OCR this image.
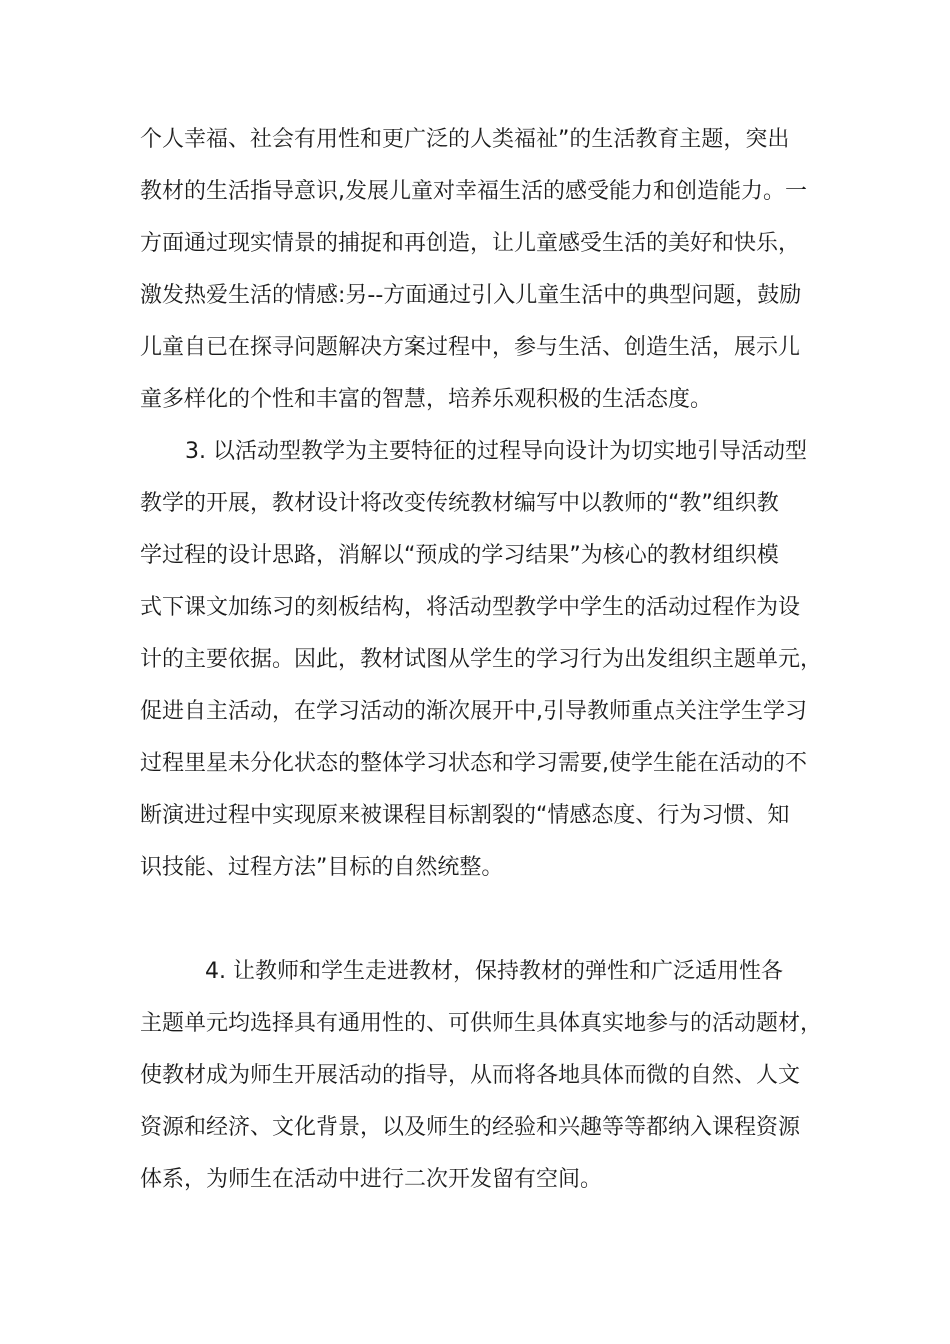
个人幸福、社会有用性和更广泛的人类福祉”的生活教育主题，突出

教材的生活指导意识,发展儿童对幸福生活的感受能力和创造能力。一

方面通过现实情景的捕捉和再创造，让儿童感受生活的美好和快乐，

激发热爱生活的情感:另--方面通过引入儿童生活中的典型问题，鼓励

儿童自已在探寻问题解决方案过程中，参与生活、创造生活，展示儿

童多样化的个性和丰富的智慧，培养乐观积极的生活态度。

3. 以活动型教学为主要特征的过程导向设计为切实地引导活动型

教学的开展，教材设计将改变传统教材编写中以教师的“教”组织教

学过程的设计思路，消解以“预成的学习结果”为核心的教材组织模

式下课文加练习的刻板结构，将活动型教学中学生的活动过程作为设

计的主要依据。因此，教材试图从学生的学习行为出发组织主题单元，

促进自主活动，在学习活动的渐次展开中,引导教师重点关注学生学习

过程里星未分化状态的整体学习状态和学习需要,使学生能在活动的不

断演进过程中实现原来被课程目标割裂的“情感态度、行为习惯、知

识技能、过程方法”目标的自然统整。

4. 让教师和学生走进教材，保持教材的弹性和广泛适用性各

主题单元均选择具有通用性的、可供师生具体真实地参与的活动题材，

使教材成为师生开展活动的指导，从而将各地具体而微的自然、人文

资源和经济、文化背景，以及师生的经验和兴趣等等都纳入课程资源

体系，为师生在活动中进行二次开发留有空间。
